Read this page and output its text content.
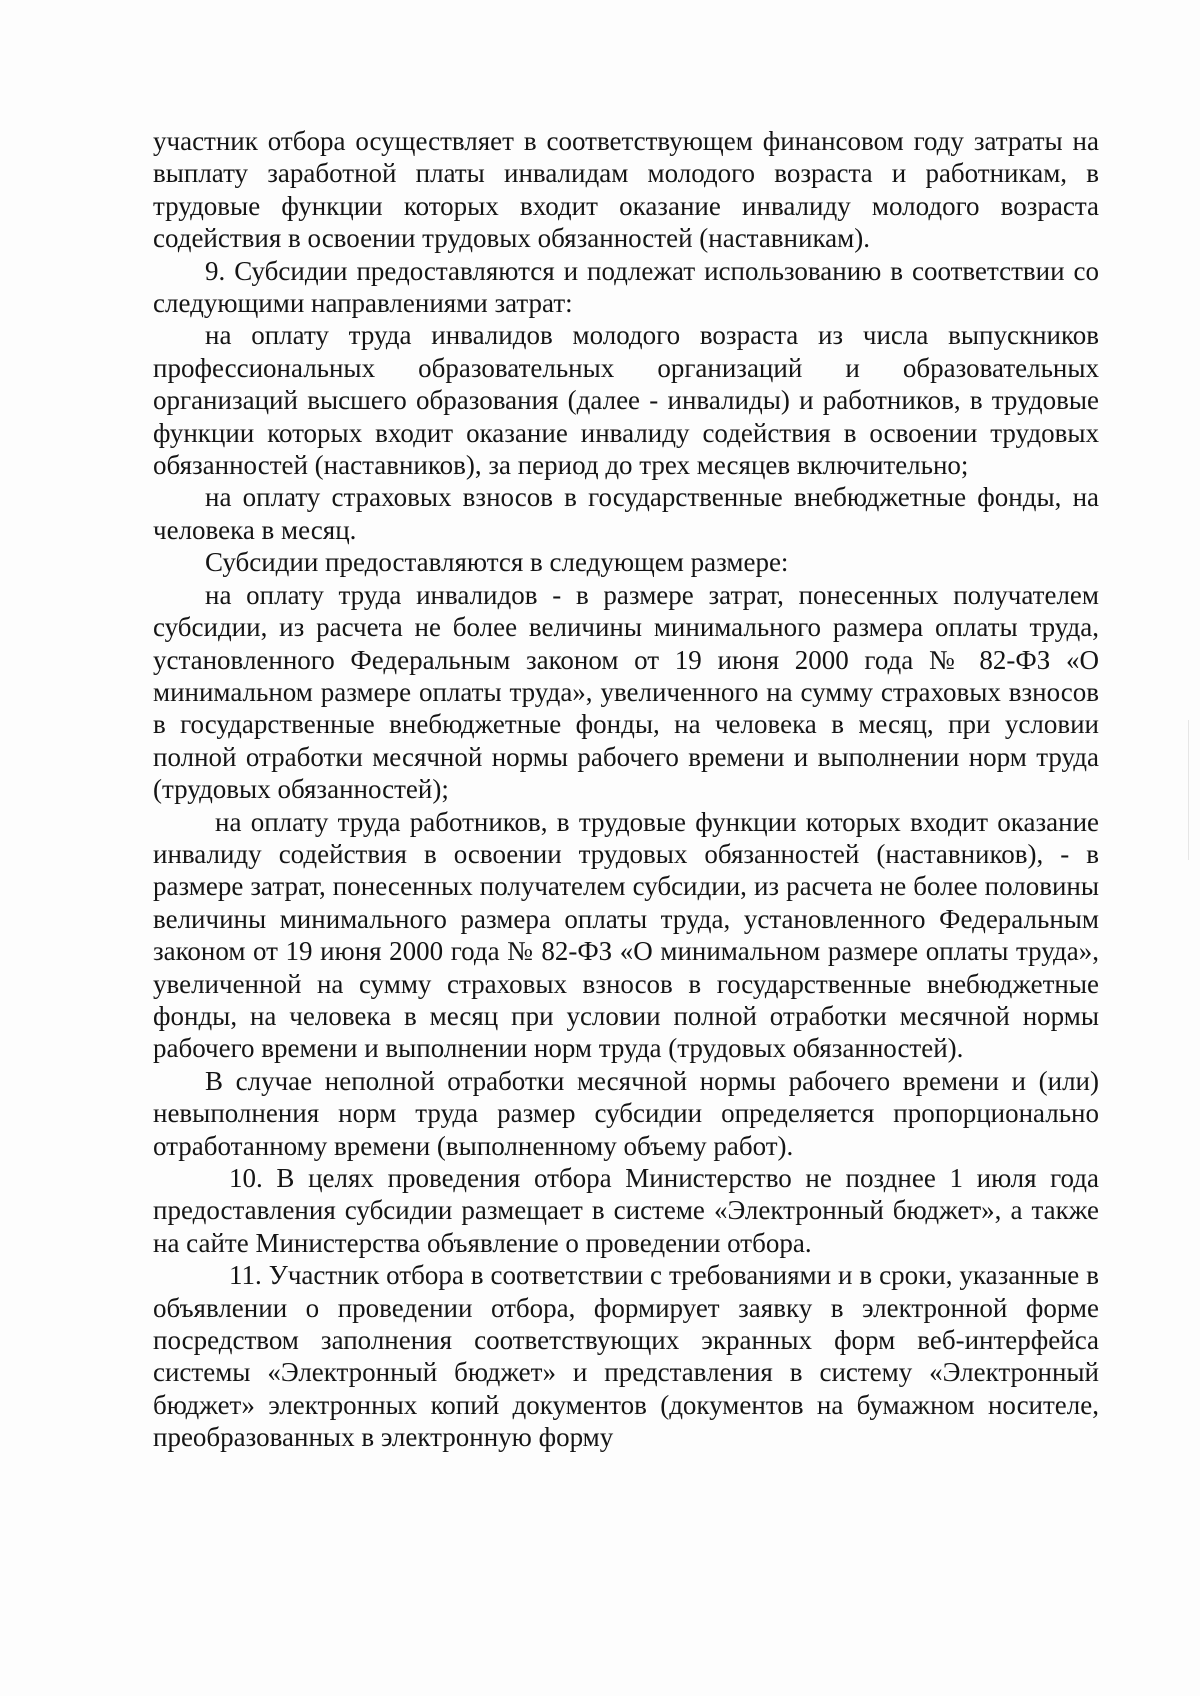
участник отбора осуществляет в соответствующем финансовом году затраты на выплату заработной платы инвалидам молодого возраста и работникам, в трудовые функции которых входит оказание инвалиду молодого возраста содействия в освоении трудовых обязанностей (наставникам).

9. Субсидии предоставляются и подлежат использованию в соответствии со следующими направлениями затрат:

на оплату труда инвалидов молодого возраста из числа выпускников профессиональных образовательных организаций и образовательных организаций высшего образования (далее - инвалиды) и работников, в трудовые функции которых входит оказание инвалиду содействия в освоении трудовых обязанностей (наставников), за период до трех месяцев включительно;

на оплату страховых взносов в государственные внебюджетные фонды, на человека в месяц.

Субсидии предоставляются в следующем размере:

на оплату труда инвалидов - в размере затрат, понесенных получателем субсидии, из расчета не более величины минимального размера оплаты труда, установленного Федеральным законом от 19 июня 2000 года № 82-ФЗ «О минимальном размере оплаты труда», увеличенного на сумму страховых взносов в государственные внебюджетные фонды, на человека в месяц, при условии полной отработки месячной нормы рабочего времени и выполнении норм труда (трудовых обязанностей);

на оплату труда работников, в трудовые функции которых входит оказание инвалиду содействия в освоении трудовых обязанностей (наставников), - в размере затрат, понесенных получателем субсидии, из расчета не более половины величины минимального размера оплаты труда, установленного Федеральным законом от 19 июня 2000 года № 82-ФЗ «О минимальном размере оплаты труда», увеличенной на сумму страховых взносов в государственные внебюджетные фонды, на человека в месяц при условии полной отработки месячной нормы рабочего времени и выполнении норм труда (трудовых обязанностей).

В случае неполной отработки месячной нормы рабочего времени и (или) невыполнения норм труда размер субсидии определяется пропорционально отработанному времени (выполненному объему работ).

10. В целях проведения отбора Министерство не позднее 1 июля года предоставления субсидии размещает в системе «Электронный бюджет», а также на сайте Министерства объявление о проведении отбора.

11. Участник отбора в соответствии с требованиями и в сроки, указанные в объявлении о проведении отбора, формирует заявку в электронной форме посредством заполнения соответствующих экранных форм веб-интерфейса системы «Электронный бюджет» и представления в систему «Электронный бюджет» электронных копий документов (документов на бумажном носителе, преобразованных в электронную форму
